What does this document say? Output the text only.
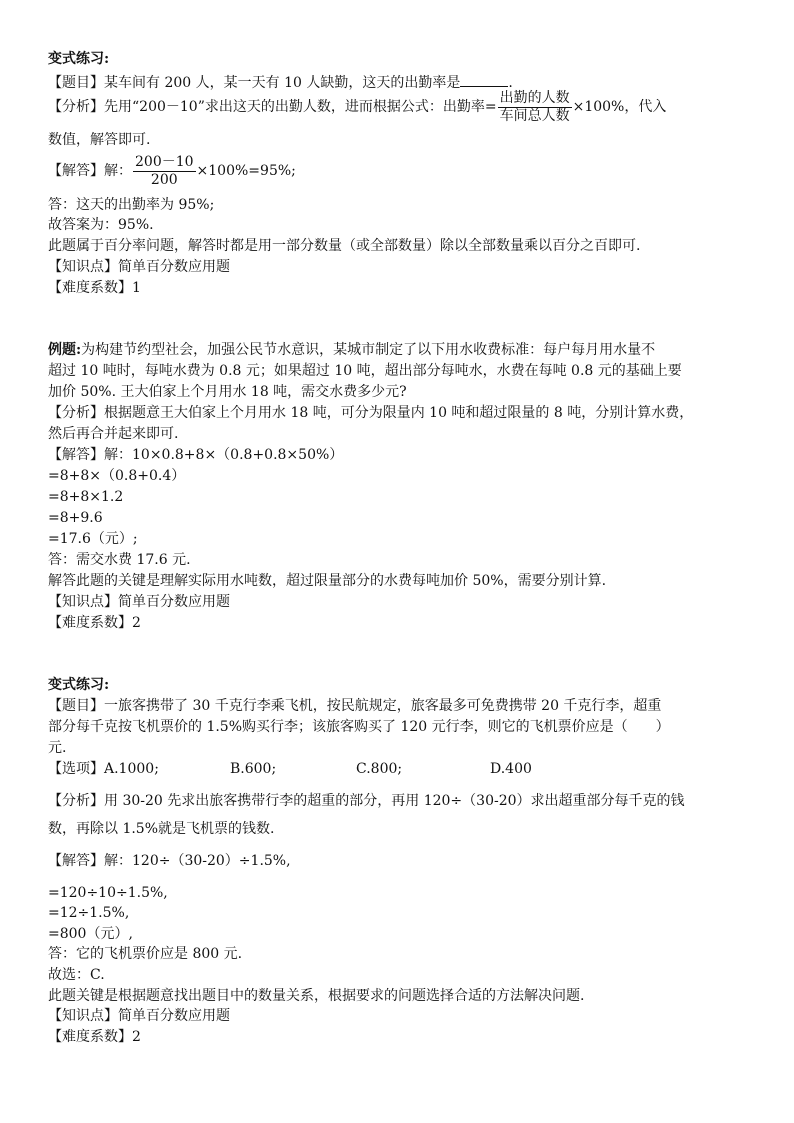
变式练习:
【题目】某车间有 200 人，某一天有 10 人缺勤，这天的出勤率是	.
【分析】先用“200－10”求出这天的出勤人数，进而根据公式：出勤率= $\frac{\text{出勤的人数}}{\text{车间总人数}} \times 100\%$，代入
数值，解答即可.
【解答】解： $\frac{200-10}{200} \times 100\%=95\%$;
答：这天的出勤率为 95%;
故答案为：95%.
此题属于百分率问题，解答时都是用一部分数量（或全部数量）除以全部数量乘以百分之百即可.
【知识点】简单百分数应用题
【难度系数】1
例题:为构建节约型社会，加强公民节水意识，某城市制定了以下用水收费标准：每户每月用水量不
超过 10 吨时，每吨水费为 0.8 元；如果超过 10 吨，超出部分每吨水，水费在每吨 0.8 元的基础上要
加价 50%. 王大伯家上个月用水 18 吨，需交水费多少元?
【分析】根据题意王大伯家上个月用水 18 吨，可分为限量内 10 吨和超过限量的 8 吨，分别计算水费，
然后再合并起来即可.
【解答】解：10×0.8+8×（0.8+0.8×50%）
=8+8×（0.8+0.4）
=8+8×1.2
=8+9.6
=17.6（元）;
答：需交水费 17.6 元.
解答此题的关键是理解实际用水吨数，超过限量部分的水费每吨加价 50%，需要分别计算.
【知识点】简单百分数应用题
【难度系数】2
变式练习:
【题目】一旅客携带了 30 千克行李乘飞机，按民航规定，旅客最多可免费携带 20 千克行李，超重
部分每千克按飞机票价的 1.5%购买行李；该旅客购买了 120 元行李，则它的飞机票价应是（ ）
元.
【选项】A.1000;	B.600;	C.800;	D.400
【分析】用 30-20 先求出旅客携带行李的超重的部分，再用 120÷（30-20）求出超重部分每千克的钱
数，再除以 1.5%就是飞机票的钱数.
【解答】解：120÷（30-20）÷1.5%,
=120÷10÷1.5%,
=12÷1.5%,
=800（元）,
答：它的飞机票价应是 800 元.
故选：C.
此题关键是根据题意找出题目中的数量关系，根据要求的问题选择合适的方法解决问题.
【知识点】简单百分数应用题
【难度系数】2
